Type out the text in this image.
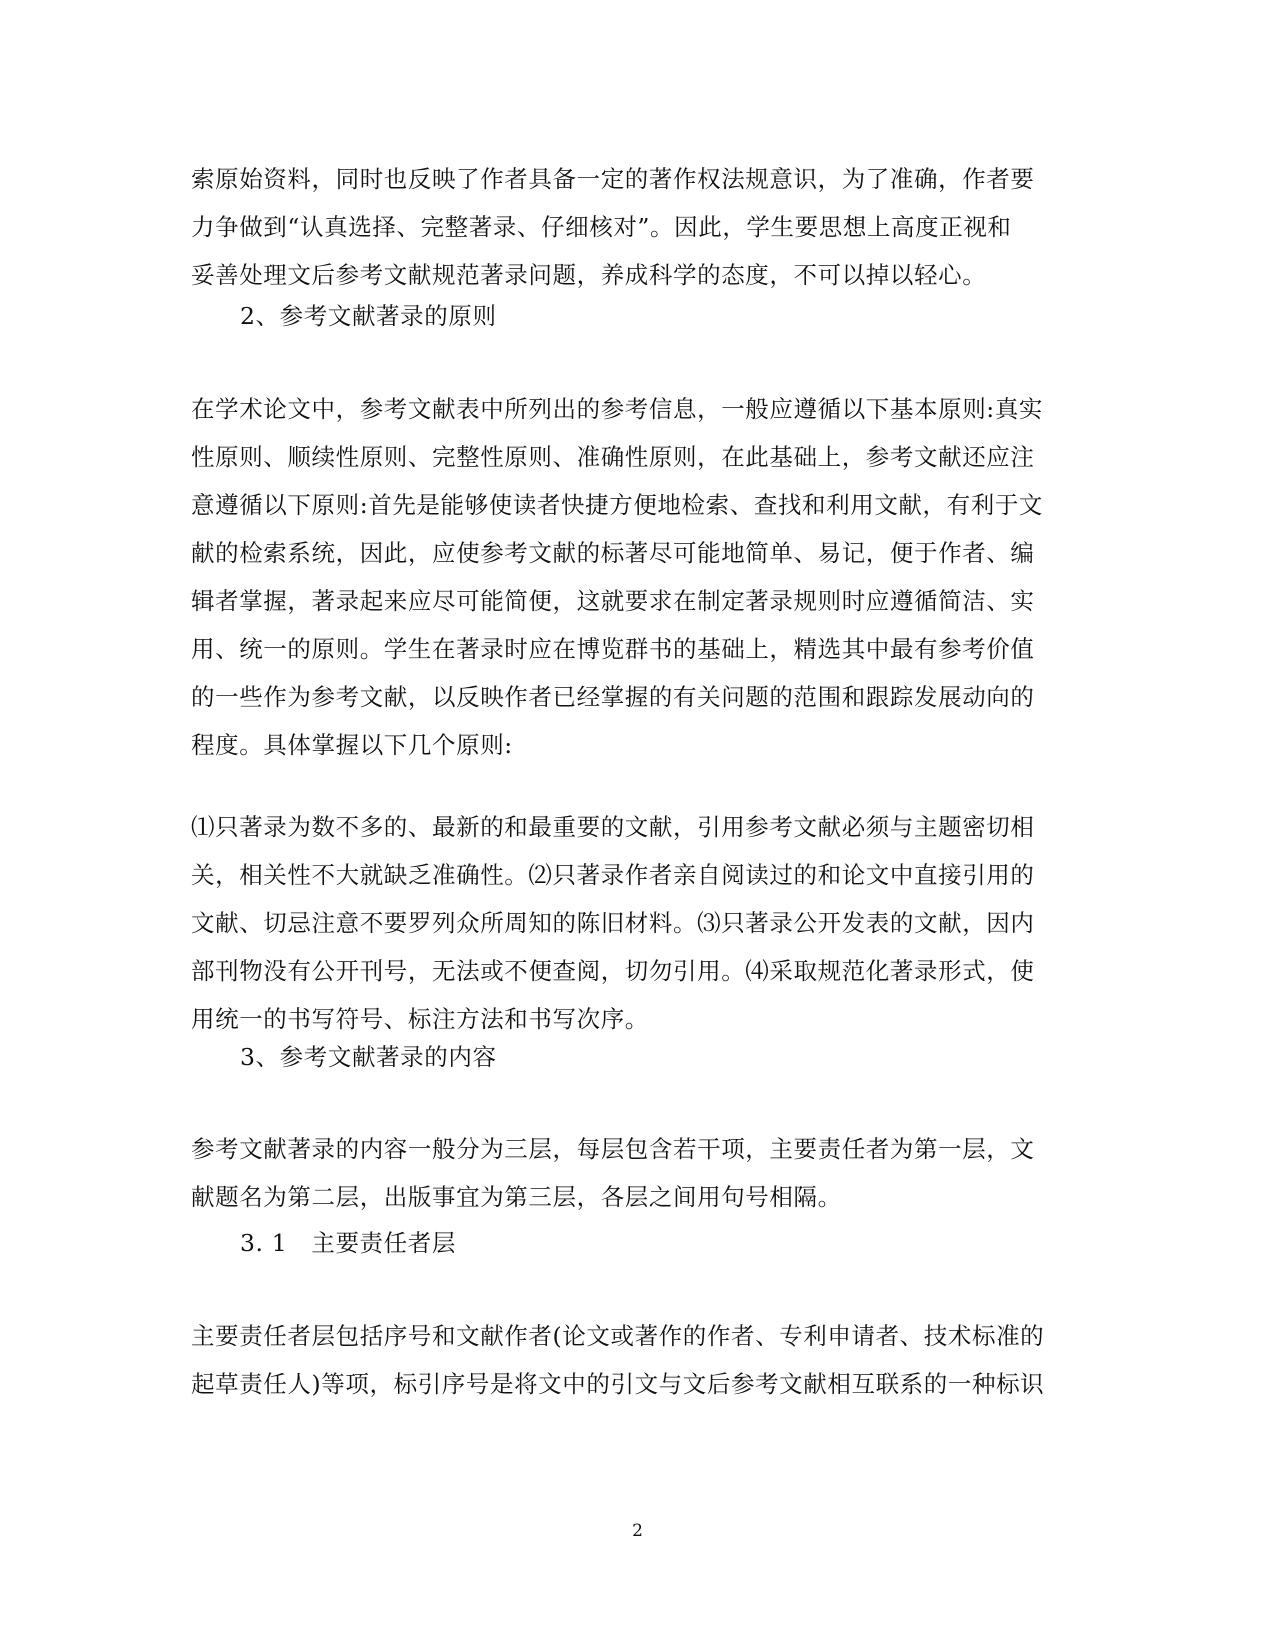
索原始资料，同时也反映了作者具备一定的著作权法规意识，为了准确，作者要
力争做到“认真选择、完整著录、仔细核对”。因此，学生要思想上高度正视和
妥善处理文后参考文献规范著录问题，养成科学的态度，不可以掉以轻心。
2、参考文献著录的原则
在学术论文中，参考文献表中所列出的参考信息，一般应遵循以下基本原则:真实
性原则、顺续性原则、完整性原则、准确性原则，在此基础上，参考文献还应注
意遵循以下原则:首先是能够使读者快捷方便地检索、查找和利用文献，有利于文
献的检索系统，因此，应使参考文献的标著尽可能地简单、易记，便于作者、编
辑者掌握，著录起来应尽可能简便，这就要求在制定著录规则时应遵循简洁、实
用、统一的原则。学生在著录时应在博览群书的基础上，精选其中最有参考价值
的一些作为参考文献，以反映作者已经掌握的有关问题的范围和跟踪发展动向的
程度。具体掌握以下几个原则:
⑴只著录为数不多的、最新的和最重要的文献，引用参考文献必须与主题密切相
关，相关性不大就缺乏准确性。⑵只著录作者亲自阅读过的和论文中直接引用的
文献、切忌注意不要罗列众所周知的陈旧材料。⑶只著录公开发表的文献，因内
部刊物没有公开刊号，无法或不便查阅，切勿引用。⑷采取规范化著录形式，使
用统一的书写符号、标注方法和书写次序。
3、参考文献著录的内容
参考文献著录的内容一般分为三层，每层包含若干项，主要责任者为第一层，文
献题名为第二层，出版事宜为第三层，各层之间用句号相隔。
3. 1　主要责任者层
主要责任者层包括序号和文献作者(论文或著作的作者、专利申请者、技术标准的
起草责任人)等项，标引序号是将文中的引文与文后参考文献相互联系的一种标识
2
